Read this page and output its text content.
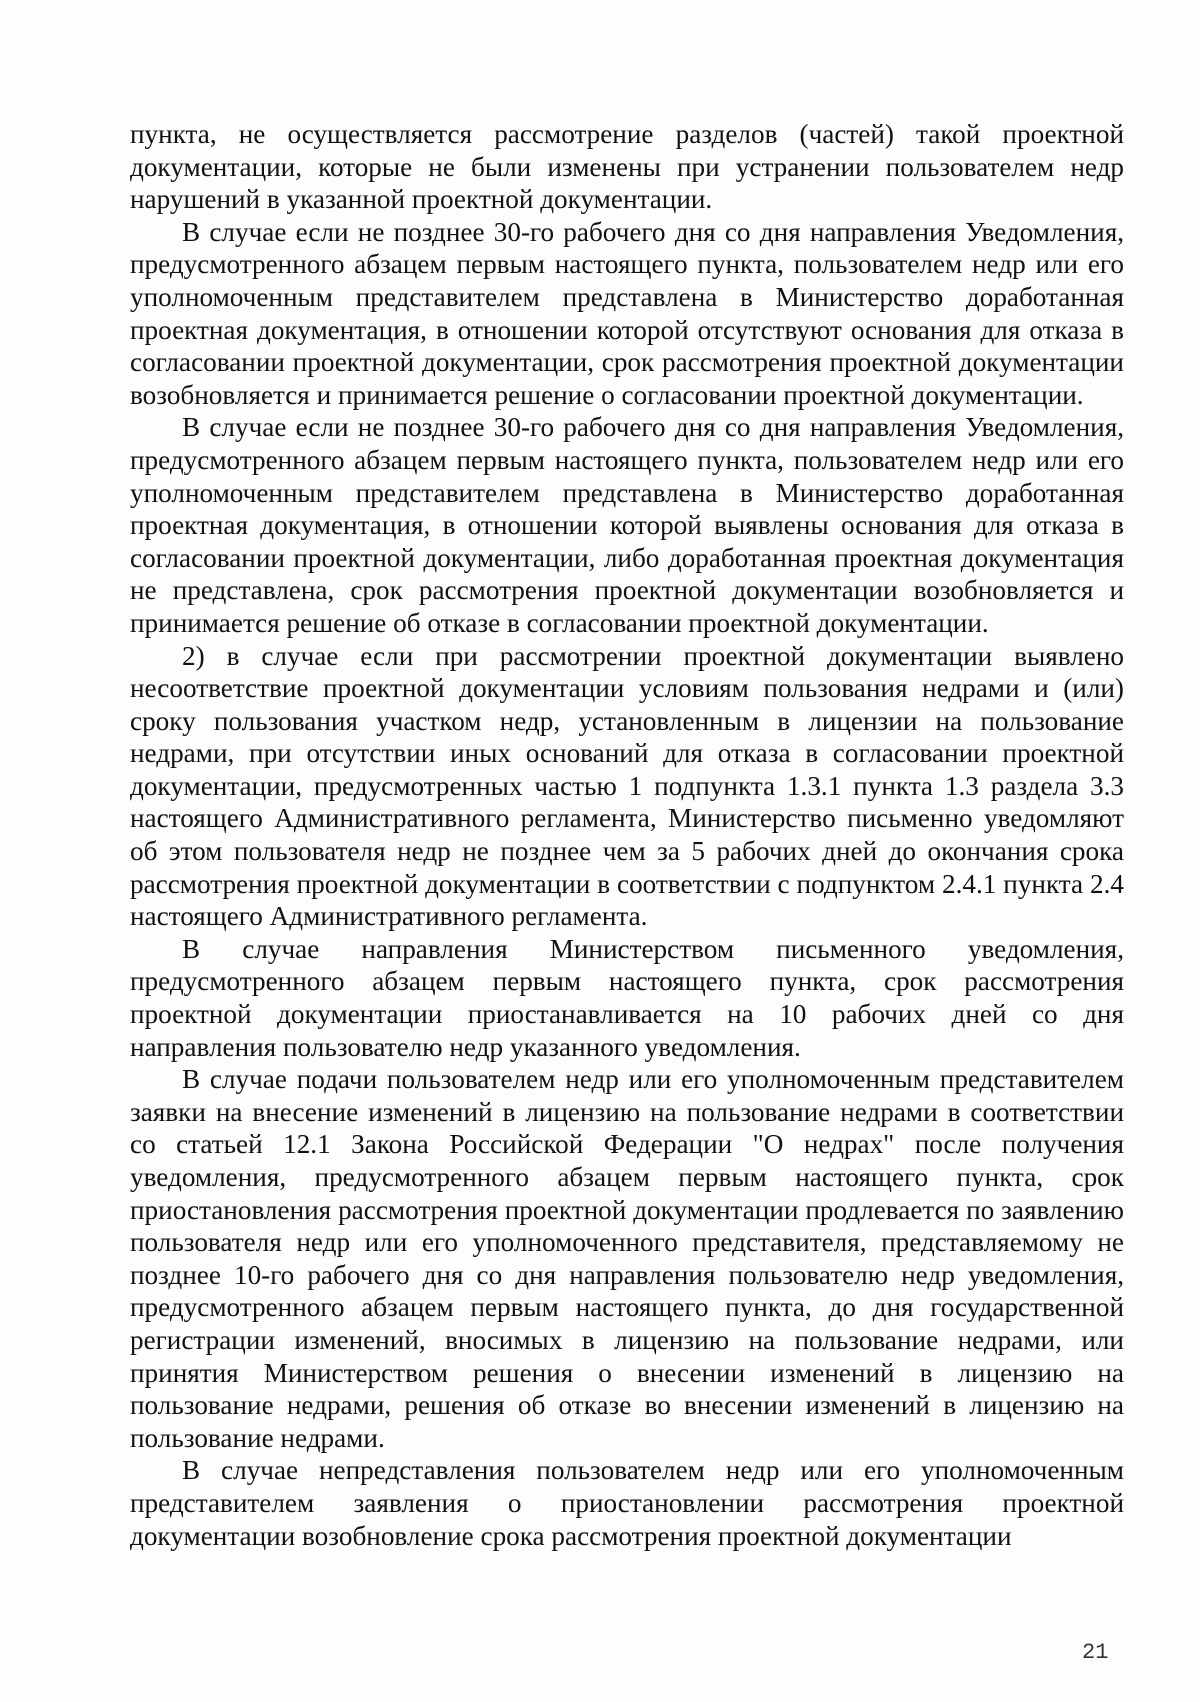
пункта, не осуществляется рассмотрение разделов (частей) такой проектной документации, которые не были изменены при устранении пользователем недр нарушений в указанной проектной документации.

В случае если не позднее 30-го рабочего дня со дня направления Уведомления, предусмотренного абзацем первым настоящего пункта, пользователем недр или его уполномоченным представителем представлена в Министерство доработанная проектная документация, в отношении которой отсутствуют основания для отказа в согласовании проектной документации, срок рассмотрения проектной документации возобновляется и принимается решение о согласовании проектной документации.

В случае если не позднее 30-го рабочего дня со дня направления Уведомления, предусмотренного абзацем первым настоящего пункта, пользователем недр или его уполномоченным представителем представлена в Министерство доработанная проектная документация, в отношении которой выявлены основания для отказа в согласовании проектной документации, либо доработанная проектная документация не представлена, срок рассмотрения проектной документации возобновляется и принимается решение об отказе в согласовании проектной документации.

2) в случае если при рассмотрении проектной документации выявлено несоответствие проектной документации условиям пользования недрами и (или) сроку пользования участком недр, установленным в лицензии на пользование недрами, при отсутствии иных оснований для отказа в согласовании проектной документации, предусмотренных частью 1 подпункта 1.3.1 пункта 1.3 раздела 3.3 настоящего Административного регламента, Министерство письменно уведомляют об этом пользователя недр не позднее чем за 5 рабочих дней до окончания срока рассмотрения проектной документации в соответствии с подпунктом 2.4.1 пункта 2.4 настоящего Административного регламента.

В случае направления Министерством письменного уведомления, предусмотренного абзацем первым настоящего пункта, срок рассмотрения проектной документации приостанавливается на 10 рабочих дней со дня направления пользователю недр указанного уведомления.

В случае подачи пользователем недр или его уполномоченным представителем заявки на внесение изменений в лицензию на пользование недрами в соответствии со статьей 12.1 Закона Российской Федерации "О недрах" после получения уведомления, предусмотренного абзацем первым настоящего пункта, срок приостановления рассмотрения проектной документации продлевается по заявлению пользователя недр или его уполномоченного представителя, представляемому не позднее 10-го рабочего дня со дня направления пользователю недр уведомления, предусмотренного абзацем первым настоящего пункта, до дня государственной регистрации изменений, вносимых в лицензию на пользование недрами, или принятия Министерством решения о внесении изменений в лицензию на пользование недрами, решения об отказе во внесении изменений в лицензию на пользование недрами.

В случае непредставления пользователем недр или его уполномоченным представителем заявления о приостановлении рассмотрения проектной документации возобновление срока рассмотрения проектной документации

21
